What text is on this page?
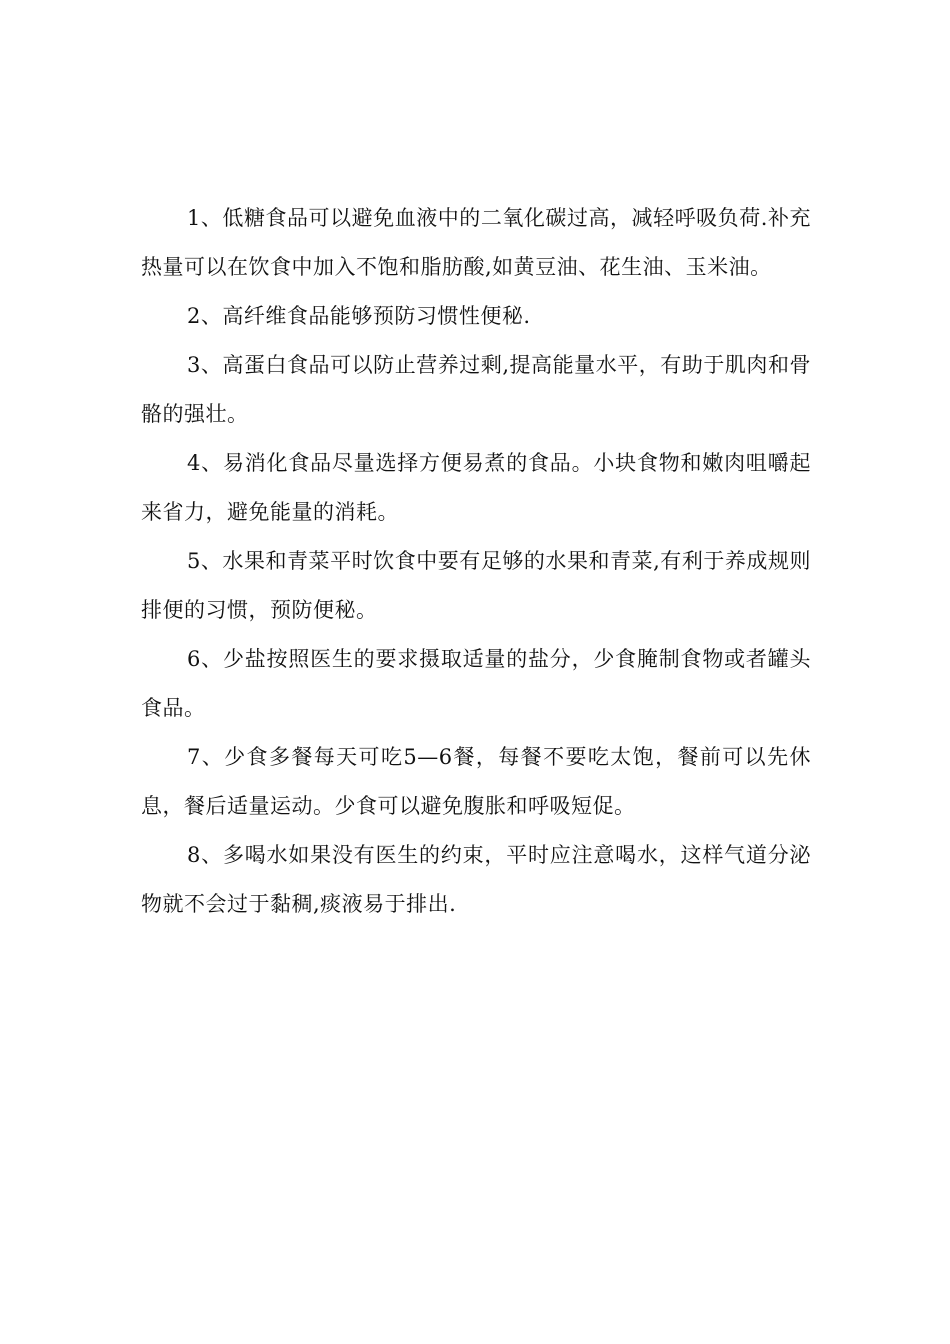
1、低糖食品可以避免血液中的二氧化碳过高，减轻呼吸负荷.补充热量可以在饮食中加入不饱和脂肪酸,如黄豆油、花生油、玉米油。

2、高纤维食品能够预防习惯性便秘.

3、高蛋白食品可以防止营养过剩,提高能量水平，有助于肌肉和骨骼的强壮。

4、易消化食品尽量选择方便易煮的食品。小块食物和嫩肉咀嚼起来省力，避免能量的消耗。

5、水果和青菜平时饮食中要有足够的水果和青菜,有利于养成规则排便的习惯，预防便秘。

6、少盐按照医生的要求摄取适量的盐分，少食腌制食物或者罐头食品。

7、少食多餐每天可吃5—6餐，每餐不要吃太饱，餐前可以先休息，餐后适量运动。少食可以避免腹胀和呼吸短促。

8、多喝水如果没有医生的约束，平时应注意喝水，这样气道分泌物就不会过于黏稠,痰液易于排出.
